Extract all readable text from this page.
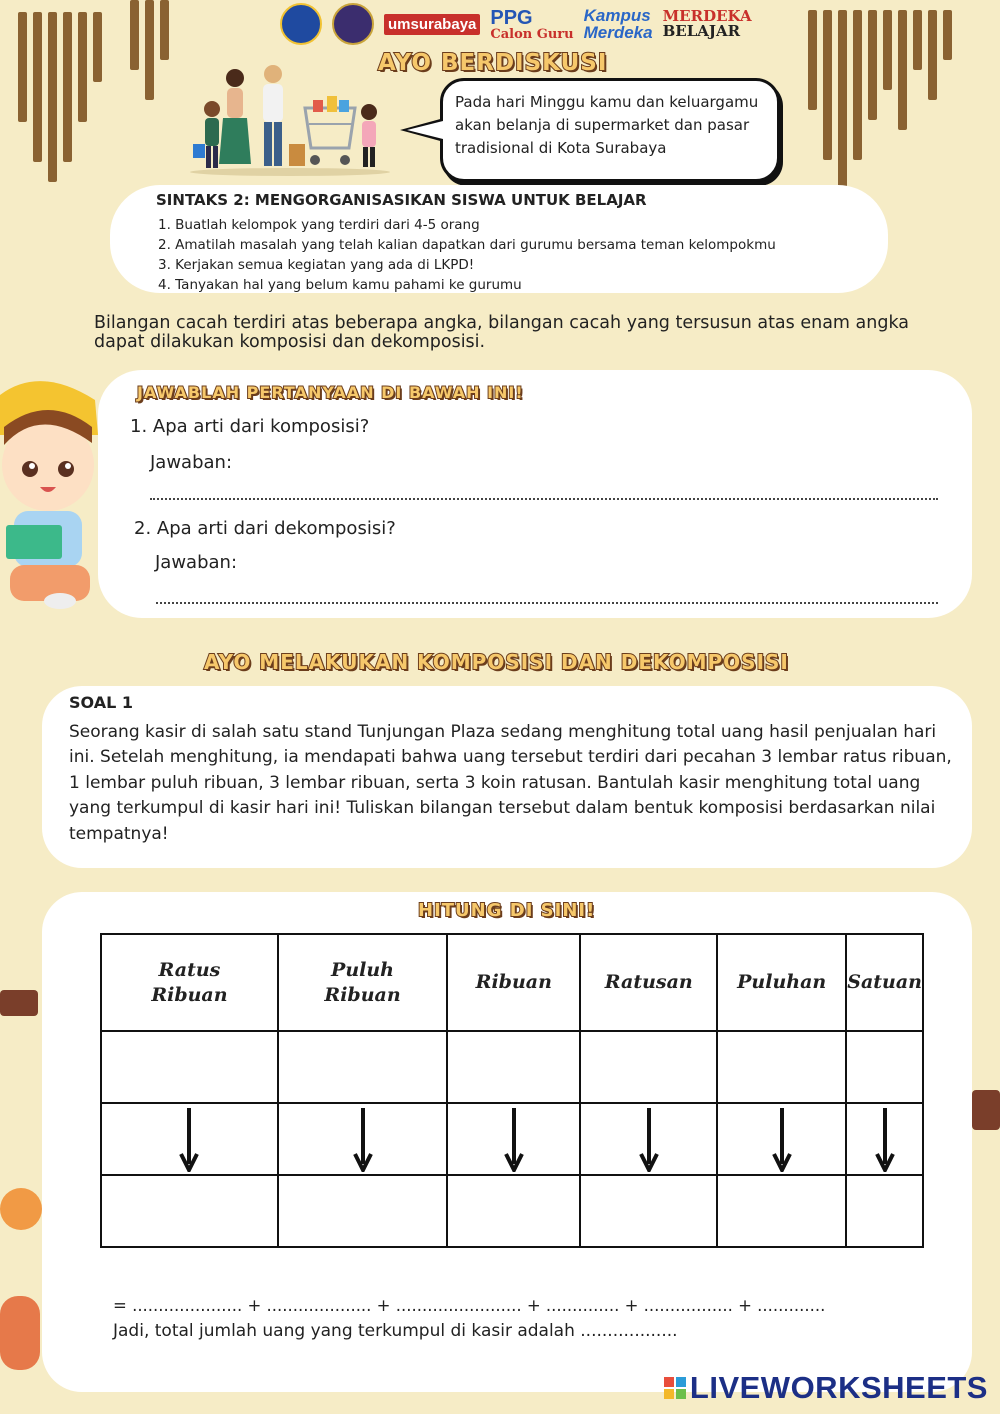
umsurabaya PPG
Calon Guru
Kampus
Merdeka
MERDEKA
BELAJAR
AYO BERDISKUSI
Pada hari Minggu kamu dan keluargamu akan belanja di supermarket dan pasar tradisional di Kota Surabaya
SINTAKS 2: MENGORGANISASIKAN SISWA UNTUK BELAJAR
1. Buatlah kelompok yang terdiri dari 4-5 orang
2. Amatilah masalah yang telah kalian dapatkan dari gurumu bersama teman kelompokmu
3. Kerjakan semua kegiatan yang ada di LKPD!
4. Tanyakan hal yang belum kamu pahami ke gurumu
Bilangan cacah terdiri atas beberapa angka, bilangan cacah yang tersusun atas enam angka dapat dilakukan komposisi dan dekomposisi.
1. Apa arti dari komposisi?
Jawaban:
2. Apa arti dari dekomposisi?
Jawaban:
JAWABLAH PERTANYAAN DI BAWAH INI!
AYO MELAKUKAN KOMPOSISI DAN DEKOMPOSISI
SOAL 1
Seorang kasir di salah satu stand Tunjungan Plaza sedang menghitung total uang hasil penjualan hari ini. Setelah menghitung, ia mendapati bahwa uang tersebut terdiri dari pecahan 3 lembar ratus ribuan, 1 lembar puluh ribuan, 3 lembar ribuan, serta 3 koin ratusan. Bantulah kasir menghitung total uang yang terkumpul di kasir hari ini! Tuliskan bilangan tersebut dalam bentuk komposisi berdasarkan nilai tempatnya!
HITUNG DI SINI!
Ratus Ribuan	Puluh Ribuan	Ribuan	Ratusan	Puluhan	Satuan

= ..................... + .................... + ........................ + .............. + ................. + .............
Jadi, total jumlah uang yang terkumpul di kasir adalah ..................
LIVEWORKSHEETS
